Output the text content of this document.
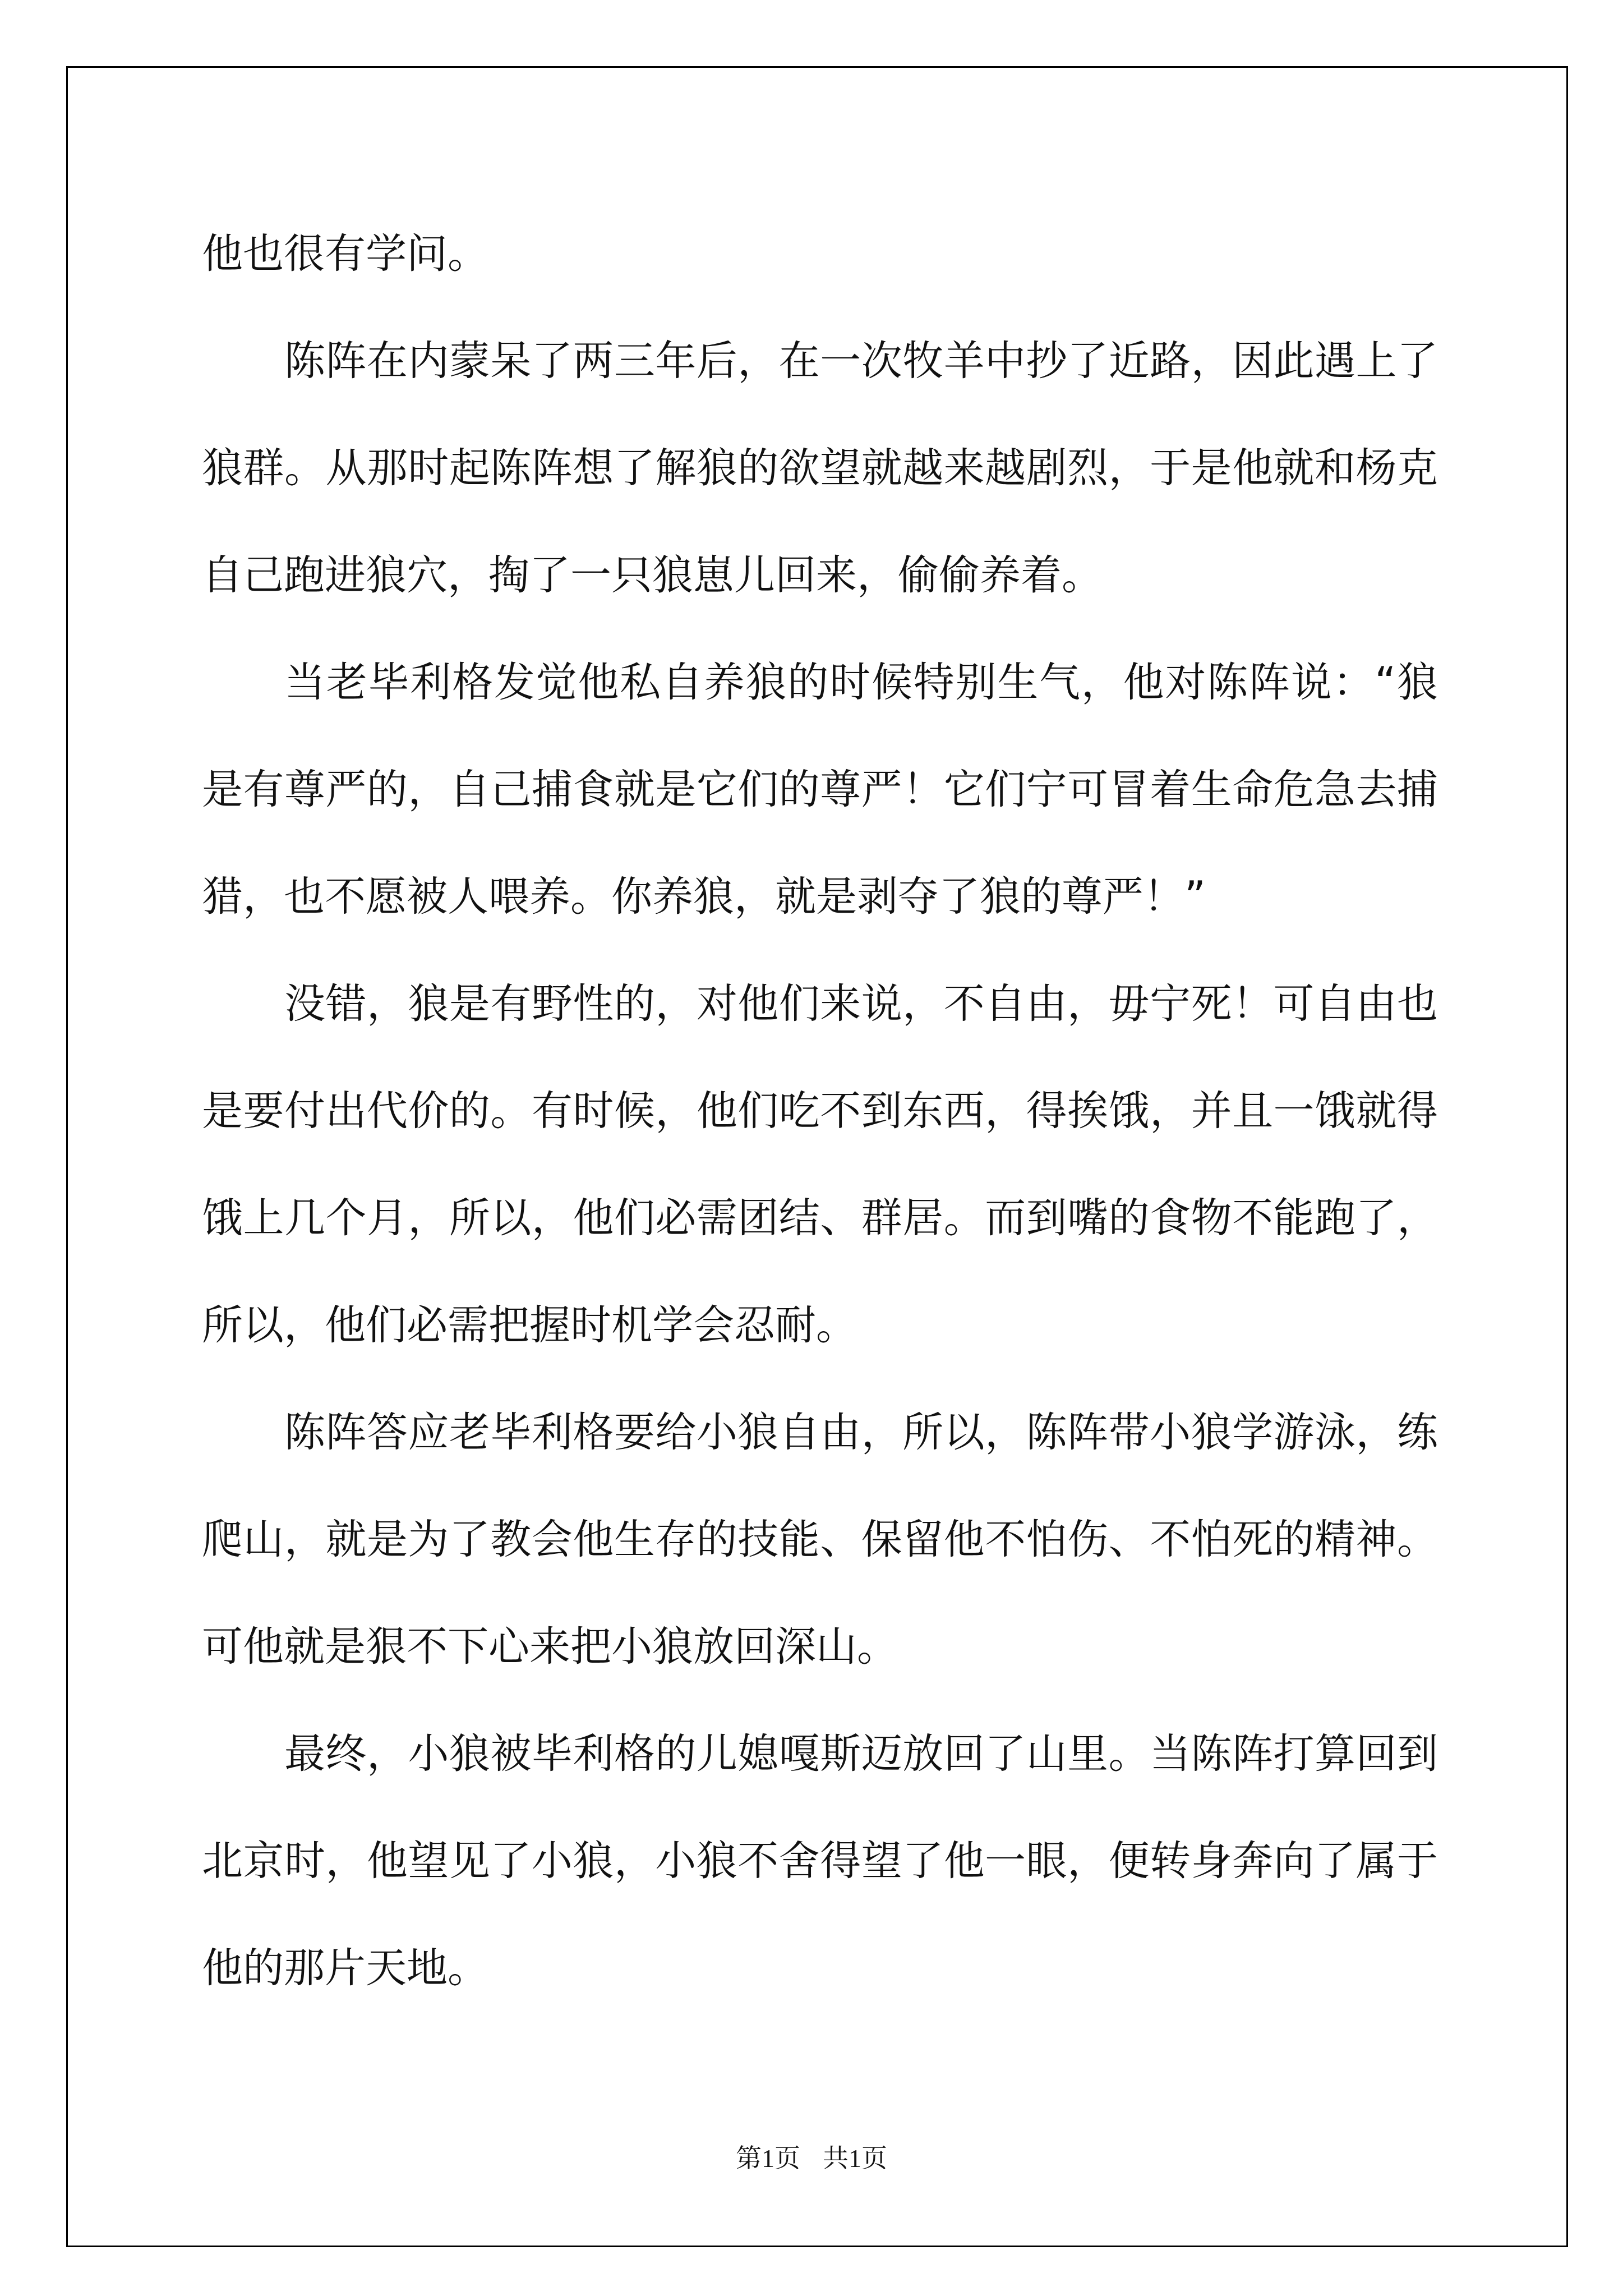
他也很有学问。
陈阵在内蒙呆了两三年后，在一次牧羊中抄了近路，因此遇上了
狼群。从那时起陈阵想了解狼的欲望就越来越剧烈，于是他就和杨克
自己跑进狼穴，掏了一只狼崽儿回来，偷偷养着。
当老毕利格发觉他私自养狼的时候特别生气，他对陈阵说：“狼
是有尊严的，自己捕食就是它们的尊严！它们宁可冒着生命危急去捕
猎，也不愿被人喂养。你养狼，就是剥夺了狼的尊严！”
没错，狼是有野性的，对他们来说，不自由，毋宁死！可自由也
是要付出代价的。有时候，他们吃不到东西，得挨饿，并且一饿就得
饿上几个月，所以，他们必需团结、群居。而到嘴的食物不能跑了，
所以，他们必需把握时机学会忍耐。
陈阵答应老毕利格要给小狼自由，所以，陈阵带小狼学游泳，练
爬山，就是为了教会他生存的技能、保留他不怕伤、不怕死的精神。
可他就是狠不下心来把小狼放回深山。
最终，小狼被毕利格的儿媳嘎斯迈放回了山里。当陈阵打算回到
北京时，他望见了小狼，小狼不舍得望了他一眼，便转身奔向了属于
他的那片天地。
第1页 共1页
